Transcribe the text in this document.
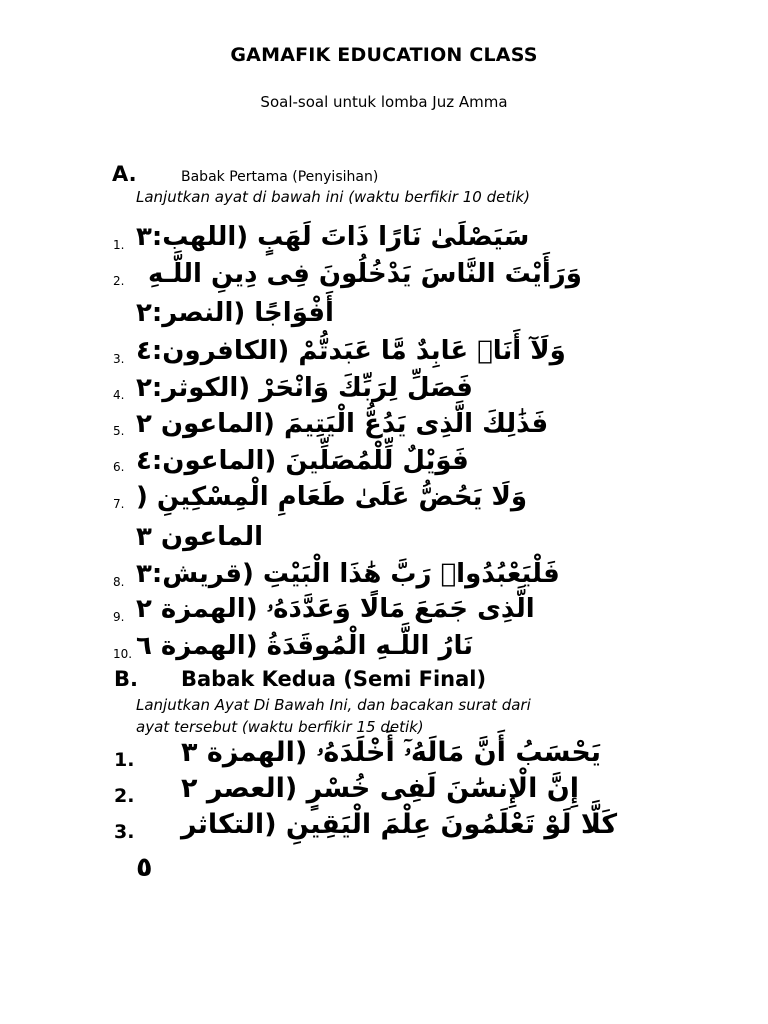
GAMAFIK EDUCATION CLASS
Soal-soal untuk lomba Juz Amma
A.	Babak Pertama (Penyisihan)
Lanjutkan ayat di bawah ini (waktu berfikir 10 detik)
1. سَيَصْلَىٰ نَارًا ذَاتَ لَهَبٍ (اللهب:٣
2. وَرَأَيْتَ النَّاسَ يَدْخُلُونَ فِى دِينِ اللَّـهِ
أَفْوَاجًا (النصر:٢
3. وَلَآ أَنَا۠ عَابِدٌ مَّا عَبَدتُّمْ (الكافرون:٤
4. فَصَلِّ لِرَبِّكَ وَانْحَرْ (الكوثر:٢
5. فَذَٰلِكَ الَّذِى يَدُعُّ الْيَتِيمَ (الماعون ٢
6. فَوَيْلٌ لِّلْمُصَلِّينَ (الماعون:٤
7. وَلَا يَحُضُّ عَلَىٰ طَعَامِ الْمِسْكِينِ (
الماعون ٣
8. فَلْيَعْبُدُوا۟ رَبَّ هَٰذَا الْبَيْتِ (قريش:٣
9. الَّذِى جَمَعَ مَالًا وَعَدَّدَهُۥ (الهمزة ٢
10. نَارُ اللَّـهِ الْمُوقَدَةُ (الهمزة ٦
B. Babak Kedua (Semi Final)
Lanjutkan Ayat Di Bawah Ini, dan bacakan surat dari
ayat tersebut (waktu berfikir 15 detik)
1. يَحْسَبُ أَنَّ مَالَهُۥٓ أَخْلَدَهُۥ (الهمزة ٣
2. إِنَّ الْإِنسَٰنَ لَفِى خُسْرٍ (العصر ٢
3. كَلَّا لَوْ تَعْلَمُونَ عِلْمَ الْيَقِينِ (التكاثر
٥
